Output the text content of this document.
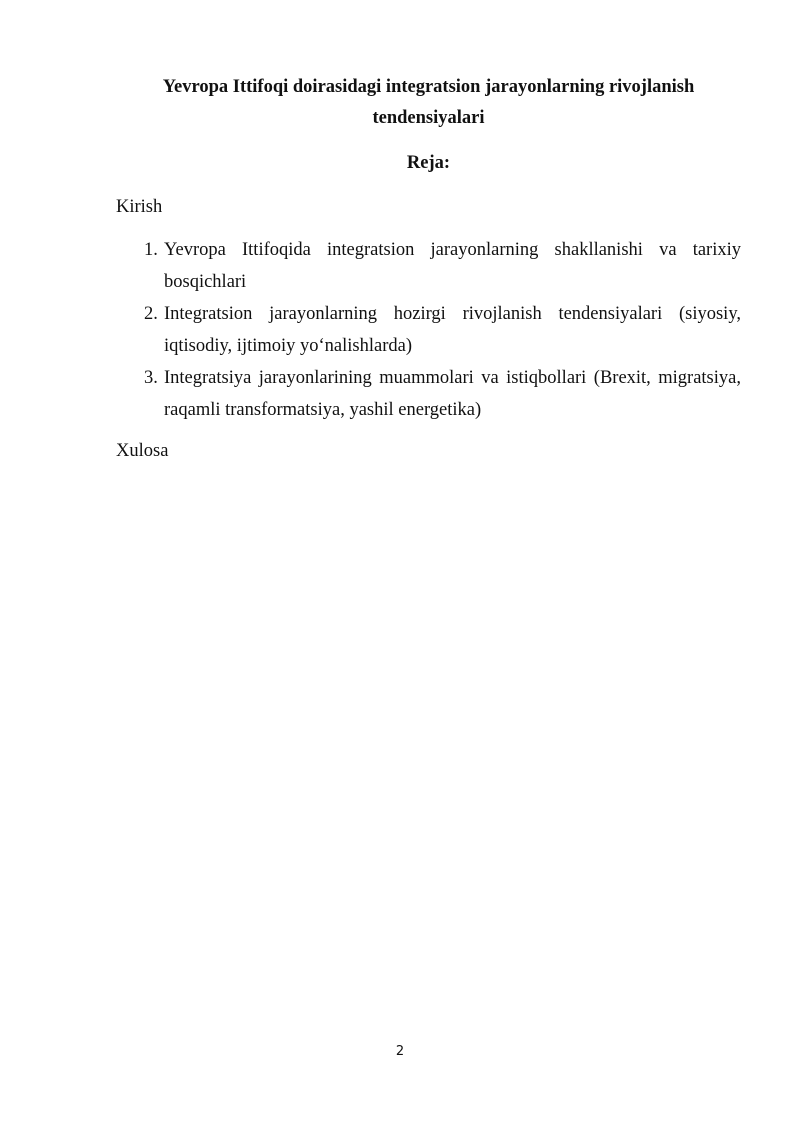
Yevropa Ittifoqi doirasidagi integratsion jarayonlarning rivojlanish
tendensiyalari
Reja:
Kirish
1. Yevropa Ittifoqida integratsion jarayonlarning shakllanishi va tarixiy bosqichlari
2. Integratsion jarayonlarning hozirgi rivojlanish tendensiyalari (siyosiy, iqtisodiy, ijtimoiy yo‘nalishlarda)
3. Integratsiya jarayonlarining muammolari va istiqbollari (Brexit, migratsiya, raqamli transformatsiya, yashil energetika)
Xulosa
2
